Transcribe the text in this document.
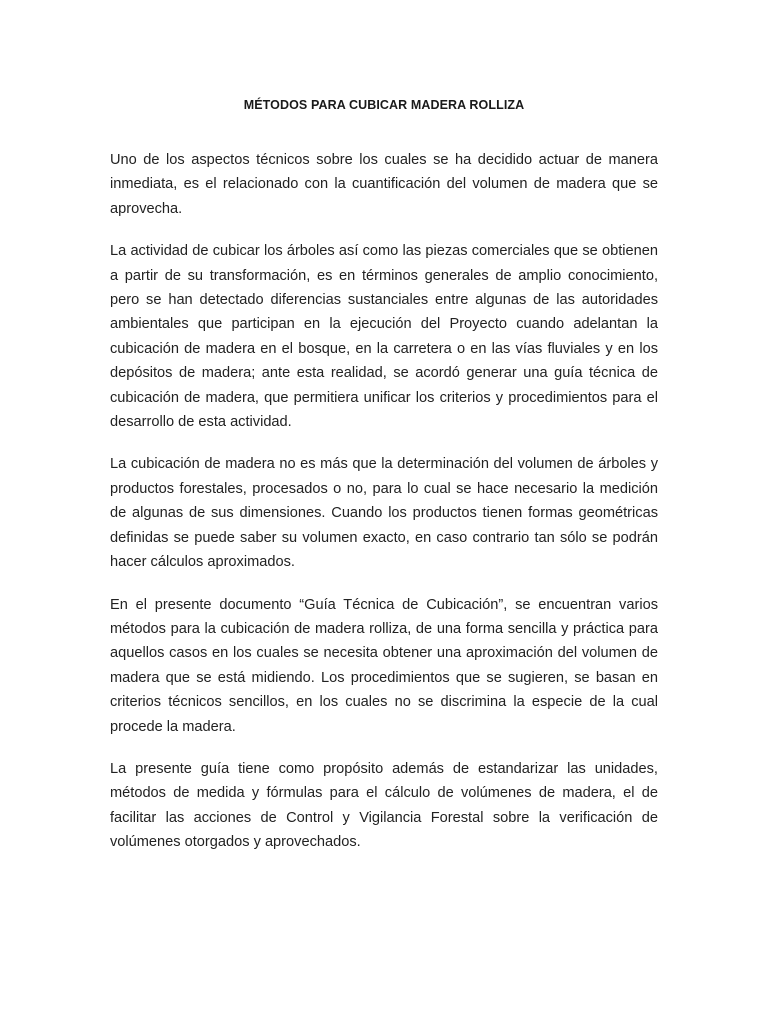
MÉTODOS PARA CUBICAR MADERA ROLLIZA

Uno de los aspectos técnicos sobre los cuales se ha decidido actuar de manera inmediata, es el relacionado con la cuantificación del volumen de madera que se aprovecha.

La actividad de cubicar los árboles así como las piezas comerciales que se obtienen a partir de su transformación, es en términos generales de amplio conocimiento, pero se han detectado diferencias sustanciales entre algunas de las autoridades ambientales que participan en la ejecución del Proyecto cuando adelantan la cubicación de madera en el bosque, en la carretera o en las vías fluviales y en los depósitos de madera; ante esta realidad, se acordó generar una guía técnica de cubicación de madera, que permitiera unificar los criterios y procedimientos para el desarrollo de esta actividad.

La cubicación de madera no es más que la determinación del volumen de árboles y productos forestales, procesados o no, para lo cual se hace necesario la medición de algunas de sus dimensiones. Cuando los productos tienen formas geométricas definidas se puede saber su volumen exacto, en caso contrario tan sólo se podrán hacer cálculos aproximados.

En el presente documento “Guía Técnica de Cubicación”, se encuentran varios métodos para la cubicación de madera rolliza, de una forma sencilla y práctica para aquellos casos en los cuales se necesita obtener una aproximación del volumen de madera que se está midiendo. Los procedimientos que se sugieren, se basan en criterios técnicos sencillos, en los cuales no se discrimina la especie de la cual procede la madera.

La presente guía tiene como propósito además de estandarizar las unidades, métodos de medida y fórmulas para el cálculo de volúmenes de madera, el de facilitar las acciones de Control y Vigilancia Forestal sobre la verificación de volúmenes otorgados y aprovechados.
